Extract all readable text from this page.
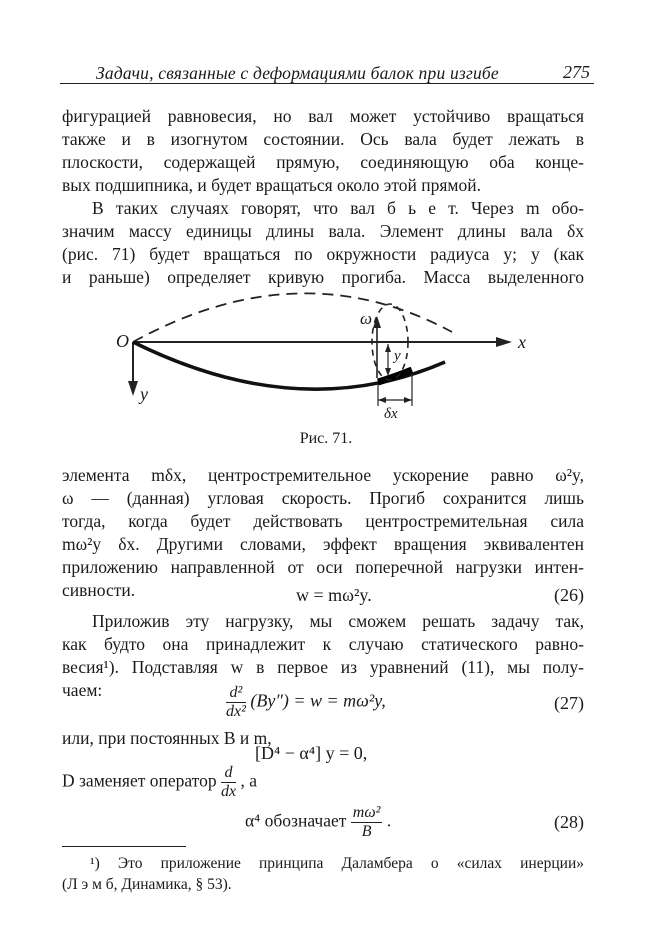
Задачи, связанные с деформациями балок при изгибе	275
фигурацией равновесия, но вал может устойчиво вращаться
также и в изогнутом состоянии. Ось вала будет лежать в
плоскости, содержащей прямую, соединяющую оба конце-
вых подшипника, и будет вращаться около этой прямой.
В таких случаях говорят, что вал б ь е т. Через m обо-
значим массу единицы длины вала. Элемент длины вала δx
(рис. 71) будет вращаться по окружности радиуса y; y (как
и раньше) определяет кривую прогиба. Масса выделенного
O	x
y
ω
y
δx
Рис. 71.
элемента mδx, центростремительное ускорение равно ω²y,
ω — (данная) угловая скорость. Прогиб сохранится лишь
тогда, когда будет действовать центростремительная сила
mω²y δx. Другими словами, эффект вращения эквивалентен
приложению направленной от оси поперечной нагрузки интен-
сивности.	w = mω²y.	(26)
Приложив эту нагрузку, мы сможем решать задачу так,
как будто она принадлежит к случаю статического равно-
весия¹). Подставляя w в первое из уравнений (11), мы полу-
чаем:	$\frac{\text{d²}}{\text{dx²}} (By'') = w = m\omega^2y$,	(27)
или, при постоянных B и m,
[D⁴ − α⁴] y = 0,
D заменяет оператор $\frac{d}{dx}$ , а
α⁴ обозначает $\frac{\text{mω²}}{B}$ .	(28)
¹) Это приложение принципа Даламбера о «силах инерции»
(Л э м б, Динамика, § 53).
